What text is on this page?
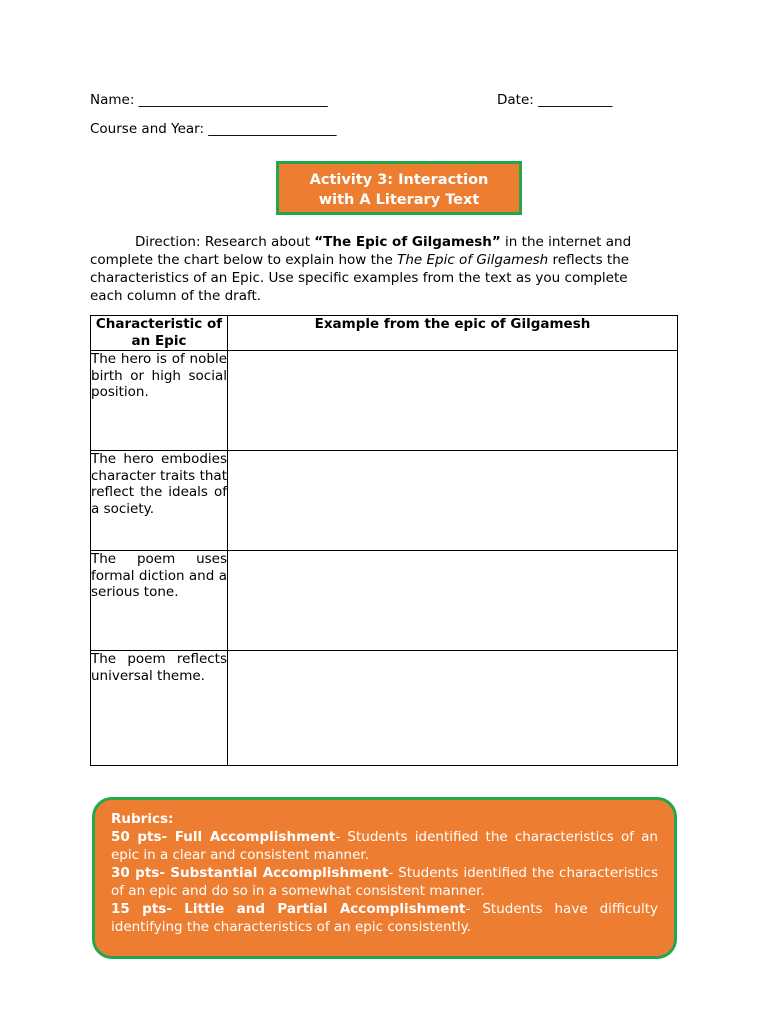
Name: ____________________________	Date: ___________
Course and Year: ___________________
Activity 3: Interaction
with A Literary Text
Direction: Research about “The Epic of Gilgamesh” in the internet and complete the chart below to explain how the The Epic of Gilgamesh reflects the characteristics of an Epic. Use specific examples from the text as you complete each column of the draft.
Characteristic of an Epic	Example from the epic of Gilgamesh
The hero is of noble birth or high social position.	
The hero embodies character traits that reflect the ideals of a society.	
The poem uses formal diction and a serious tone.	
The poem reflects universal theme.	

Rubrics:

50 pts- Full Accomplishment- Students identified the characteristics of an epic in a clear and consistent manner.

30 pts- Substantial Accomplishment- Students identified the characteristics of an epic and do so in a somewhat consistent manner.

15 pts- Little and Partial Accomplishment- Students have difficulty identifying the characteristics of an epic consistently.
